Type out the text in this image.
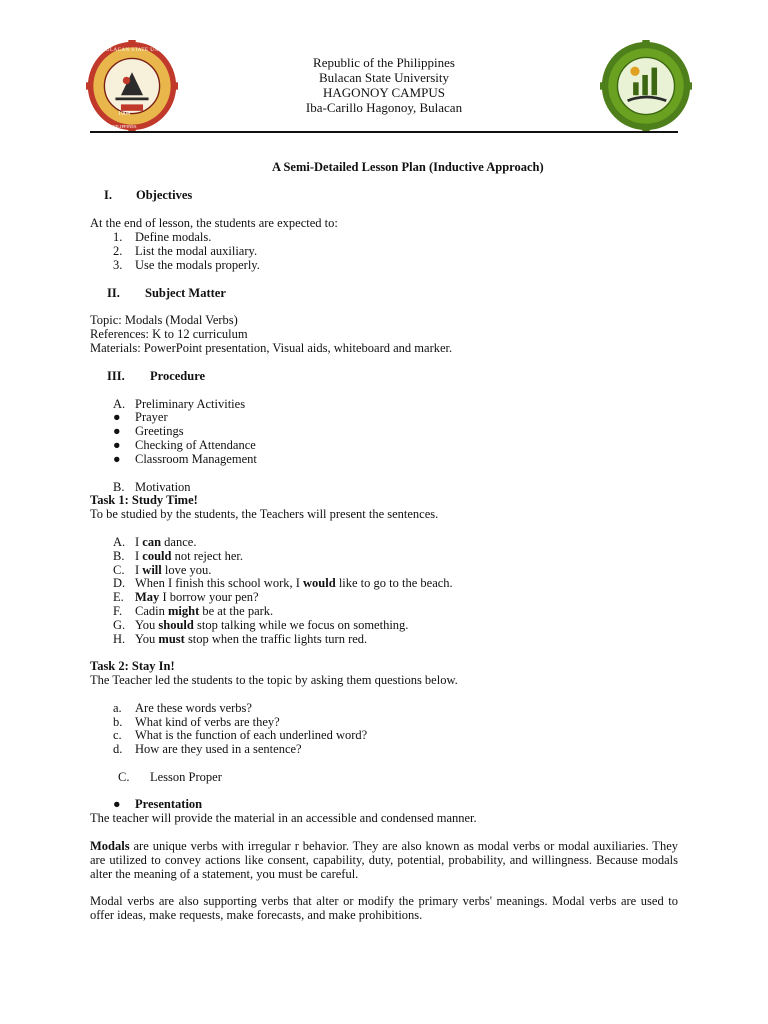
1904
BULACAN STATE UNIVERSITY
PHILIPPINES
Republic of the Philippines
Bulacan State University
HAGONOY CAMPUS
Iba-Carillo Hagonoy, Bulacan
A Semi-Detailed Lesson Plan (Inductive Approach)
I. Objectives
At the end of lesson, the students are expected to:
1. Define modals.
2. List the modal auxiliary.
3. Use the modals properly.
II. Subject Matter
Topic: Modals (Modal Verbs)
References: K to 12 curriculum
Materials: PowerPoint presentation, Visual aids, whiteboard and marker.
III. Procedure
A. Preliminary Activities
● Prayer
● Greetings
● Checking of Attendance
● Classroom Management
B. Motivation
Task 1: Study Time!
To be studied by the students, the Teachers will present the sentences.
A. I can dance.
B. I could not reject her.
C. I will love you.
D. When I finish this school work, I would like to go to the beach.
E. May I borrow your pen?
F. Cadin might be at the park.
G. You should stop talking while we focus on something.
H. You must stop when the traffic lights turn red.
Task 2: Stay In!
The Teacher led the students to the topic by asking them questions below.
a. Are these words verbs?
b. What kind of verbs are they?
c. What is the function of each underlined word?
d. How are they used in a sentence?
C. Lesson Proper
● Presentation
The teacher will provide the material in an accessible and condensed manner.
Modals are unique verbs with irregular r behavior. They are also known as modal verbs or modal auxiliaries. They are utilized to convey actions like consent, capability, duty, potential, probability, and willingness. Because modals alter the meaning of a statement, you must be careful.
Modal verbs are also supporting verbs that alter or modify the primary verbs' meanings. Modal verbs are used to offer ideas, make requests, make forecasts, and make prohibitions.
